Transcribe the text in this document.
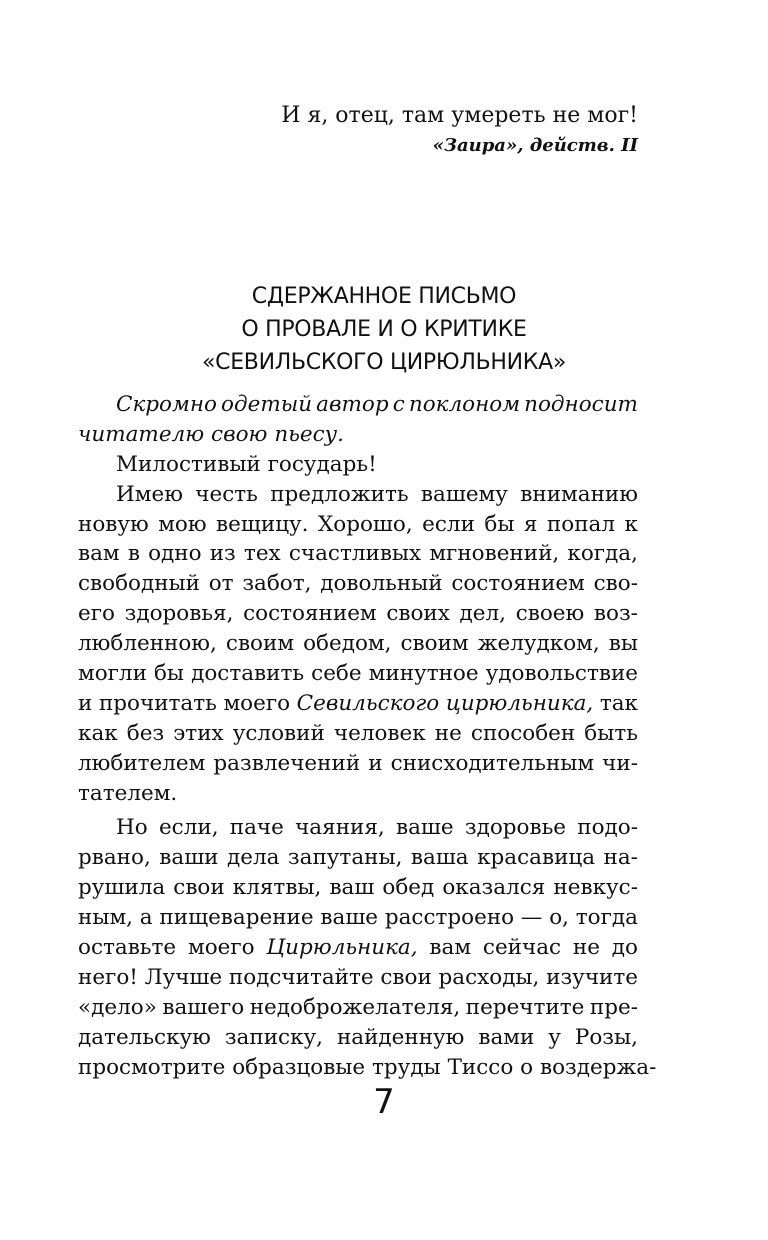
И я, отец, там умереть не мог!
«Заира», действ. II
СДЕРЖАННОЕ ПИСЬМО
О ПРОВАЛЕ И О КРИТИКЕ
«СЕВИЛЬСКОГО ЦИРЮЛЬНИКА»
Скромно одетый автор с поклоном подносит
читателю свою пьесу.
Милостивый государь!
Имею честь предложить вашему вниманию
новую мою вещицу. Хорошо, если бы я попал к
вам в одно из тех счастливых мгновений, когда,
свободный от забот, довольный состоянием сво-
его здоровья, состоянием своих дел, своею воз-
любленною, своим обедом, своим желудком, вы
могли бы доставить себе минутное удовольствие
и прочитать моего Севильского цирюльника, так
как без этих условий человек не способен быть
любителем развлечений и снисходительным чи-
тателем.
Но если, паче чаяния, ваше здоровье подо-
рвано, ваши дела запутаны, ваша красавица на-
рушила свои клятвы, ваш обед оказался невкус-
ным, а пищеварение ваше расстроено — о, тогда
оставьте моего Цирюльника, вам сейчас не до
него! Лучше подсчитайте свои расходы, изучите
«дело» вашего недоброжелателя, перечтите пре-
дательскую записку, найденную вами у Розы,
просмотрите образцовые труды Тиссо о воздержа-
7
